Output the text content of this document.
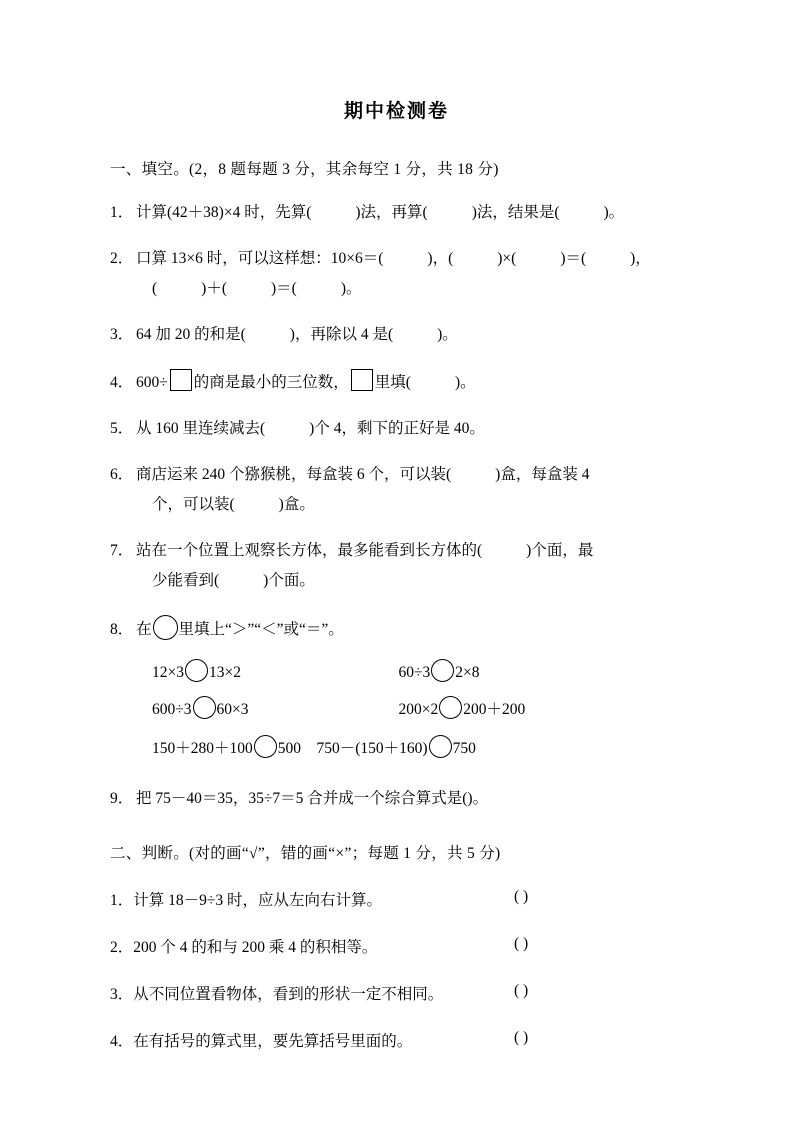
期中检测卷
一、填空。(2，8 题每题 3 分，其余每空 1 分，共 18 分)
1． 计算(42＋38)×4 时，先算(	)法，再算(	)法，结果是(	)。
2． 口算 13×6 时，可以这样想：10×6＝(	)，(	)×(	)＝(	)，
(	)＋(	)＝(	)。
3． 64 加 20 的和是(	)，再除以 4 是(	)。
4． 600÷ 的商是最小的三位数， 里填(	)。
5． 从 160 里连续减去(	)个 4，剩下的正好是 40。
6． 商店运来 240 个猕猴桃，每盒装 6 个，可以装(	)盒，每盒装 4
个，可以装(	)盒。
7． 站在一个位置上观察长方体，最多能看到长方体的(	)个面，最
少能看到(	)个面。
8． 在 里填上“＞”“＜”或“＝”。
12×3 13×2	60÷3 2×8
600÷3 60×3	200×2 200＋200
150＋280＋100 500 750－(150＋160) 750	
9． 把 75－40＝35，35÷7＝5 合并成一个综合算式是()。
二、判断。(对的画“√”，错的画“×”；每题 1 分，共 5 分)
1．计算 18－9÷3 时，应从左向右计算。	( )
2．200 个 4 的和与 200 乘 4 的积相等。	( )
3．从不同位置看物体，看到的形状一定不相同。	( )
4．在有括号的算式里，要先算括号里面的。	( )
